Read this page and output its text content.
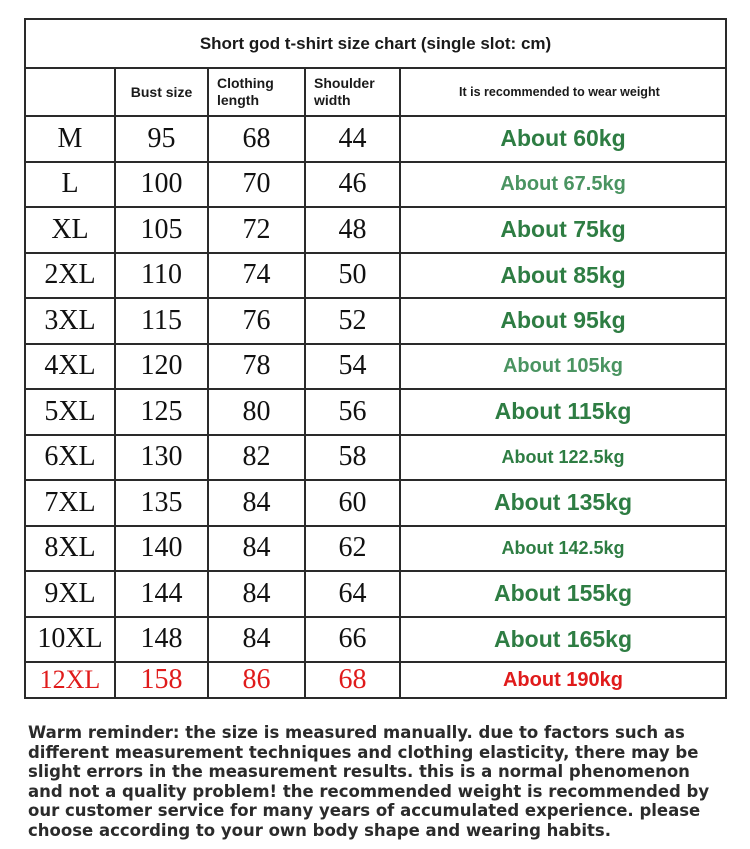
Short god t-shirt size chart (single slot: cm)				
	Bust size	Clothing length	Shoulder width	It is recommended to wear weight
M	95	68	44	About 60kg
L	100	70	46	About 67.5kg
XL	105	72	48	About 75kg
2XL	110	74	50	About 85kg
3XL	115	76	52	About 95kg
4XL	120	78	54	About 105kg
5XL	125	80	56	About 115kg
6XL	130	82	58	About 122.5kg
7XL	135	84	60	About 135kg
8XL	140	84	62	About 142.5kg
9XL	144	84	64	About 155kg
10XL	148	84	66	About 165kg
12XL	158	86	68	About 190kg

Warm reminder: the size is measured manually. due to factors such as different measurement techniques and clothing elasticity, there may be slight errors in the measurement results. this is a normal phenomenon and not a quality problem! the recommended weight is recommended by our customer service for many years of accumulated experience. please choose according to your own body shape and wearing habits.
